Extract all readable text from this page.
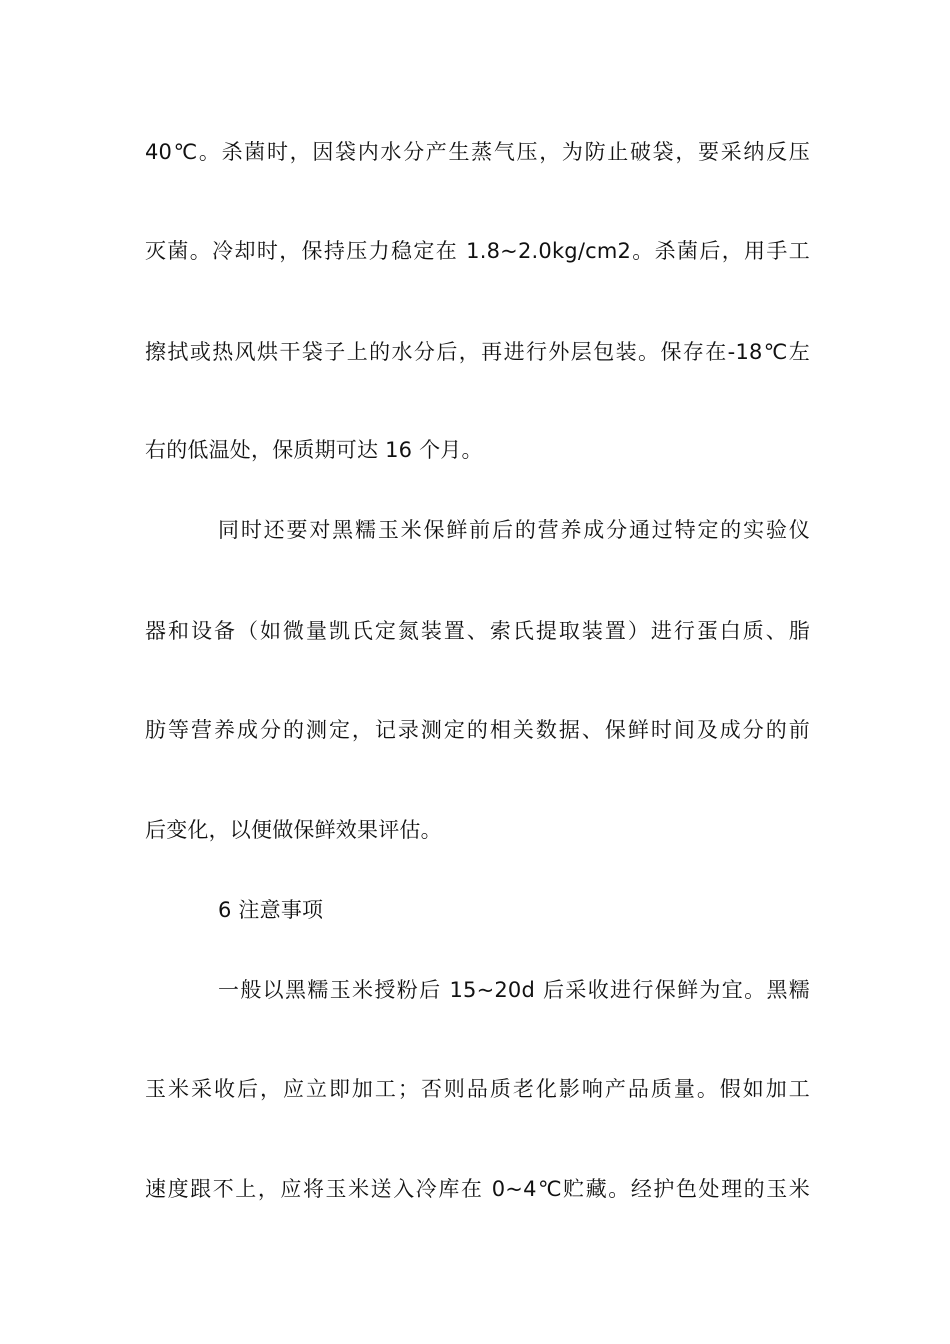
40℃。杀菌时，因袋内水分产生蒸气压，为防止破袋，要采纳反压
灭菌。冷却时，保持压力稳定在 1.8~2.0kg/cm2。杀菌后，用手工
擦拭或热风烘干袋子上的水分后，再进行外层包装。保存在-18℃左
右的低温处，保质期可达 16 个月。
同时还要对黑糯玉米保鲜前后的营养成分通过特定的实验仪
器和设备（如微量凯氏定氮装置、索氏提取装置）进行蛋白质、脂
肪等营养成分的测定，记录测定的相关数据、保鲜时间及成分的前
后变化，以便做保鲜效果评估。
6 注意事项
一般以黑糯玉米授粉后 15~20d 后采收进行保鲜为宜。黑糯
玉米采收后，应立即加工；否则品质老化影响产品质量。假如加工
速度跟不上，应将玉米送入冷库在 0~4℃贮藏。经护色处理的玉米
